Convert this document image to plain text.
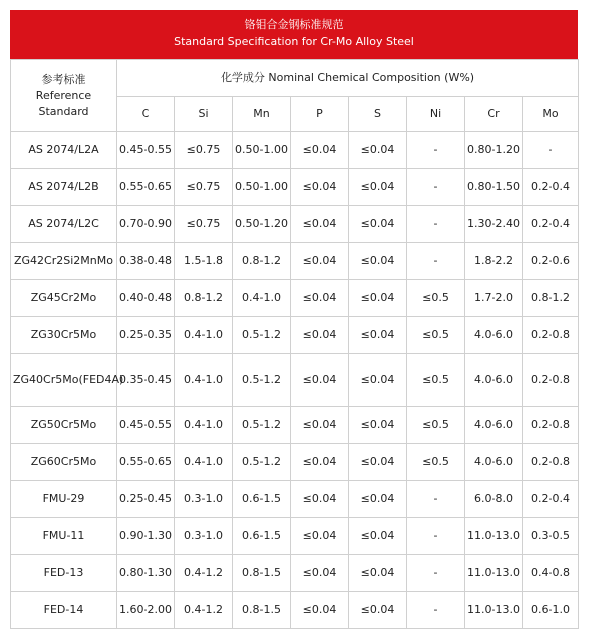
铬钼合金钢标准规范
Standard Specification for Cr-Mo Alloy Steel
参考标准
Reference Standard	化学成分 Nominal Chemical Composition (W%)							
	C	Si	Mn	P	S	Ni	Cr	Mo
AS 2074/L2A	0.45-0.55	≤0.75	0.50-1.00	≤0.04	≤0.04	-	0.80-1.20	-
AS 2074/L2B	0.55-0.65	≤0.75	0.50-1.00	≤0.04	≤0.04	-	0.80-1.50	0.2-0.4
AS 2074/L2C	0.70-0.90	≤0.75	0.50-1.20	≤0.04	≤0.04	-	1.30-2.40	0.2-0.4
ZG42Cr2Si2MnMo	0.38-0.48	1.5-1.8	0.8-1.2	≤0.04	≤0.04	-	1.8-2.2	0.2-0.6
ZG45Cr2Mo	0.40-0.48	0.8-1.2	0.4-1.0	≤0.04	≤0.04	≤0.5	1.7-2.0	0.8-1.2
ZG30Cr5Mo	0.25-0.35	0.4-1.0	0.5-1.2	≤0.04	≤0.04	≤0.5	4.0-6.0	0.2-0.8
ZG40Cr5Mo(FED4A)	0.35-0.45	0.4-1.0	0.5-1.2	≤0.04	≤0.04	≤0.5	4.0-6.0	0.2-0.8
ZG50Cr5Mo	0.45-0.55	0.4-1.0	0.5-1.2	≤0.04	≤0.04	≤0.5	4.0-6.0	0.2-0.8
ZG60Cr5Mo	0.55-0.65	0.4-1.0	0.5-1.2	≤0.04	≤0.04	≤0.5	4.0-6.0	0.2-0.8
FMU-29	0.25-0.45	0.3-1.0	0.6-1.5	≤0.04	≤0.04	-	6.0-8.0	0.2-0.4
FMU-11	0.90-1.30	0.3-1.0	0.6-1.5	≤0.04	≤0.04	-	11.0-13.0	0.3-0.5
FED-13	0.80-1.30	0.4-1.2	0.8-1.5	≤0.04	≤0.04	-	11.0-13.0	0.4-0.8
FED-14	1.60-2.00	0.4-1.2	0.8-1.5	≤0.04	≤0.04	-	11.0-13.0	0.6-1.0
